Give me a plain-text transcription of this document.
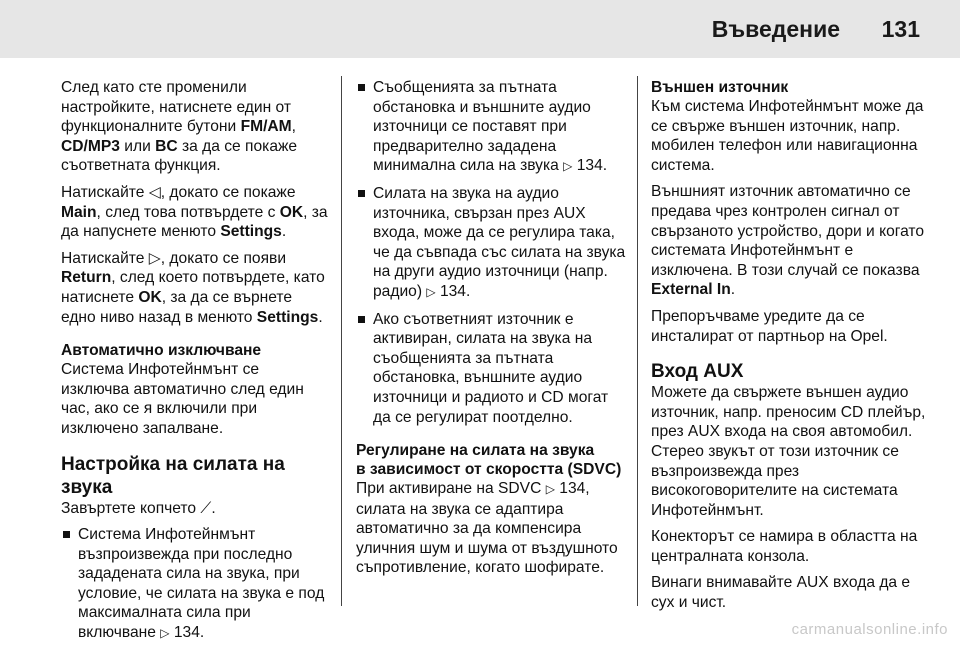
Въведение 131

След като сте променили настройките, натиснете един от функционалните бутони FM/AM, CD/MP3 или BC за да се покаже съответната функция.

Натискайте ◁, докато се покаже Main, след това потвърдете с OK, за да напуснете менюто Settings.

Натискайте ▷, докато се появи Return, след което потвърдете, като натиснете OK, за да се върнете едно ниво назад в менюто Settings.

Автоматично изключване

Система Инфотейнмънт се изключва автоматично след един час, ако се я включили при изключено запалване.

Настройка на силата на звука

Завъртете копчето ⟋.

Система Инфотейнмънт възпроизвежда при последно зададената сила на звука, при условие, че силата на звука е под максималната сила при включване ▷ 134.
Съобщенията за пътната обстановка и външните аудио източници се поставят при предварително зададена минимална сила на звука ▷ 134.
Силата на звука на аудио източника, свързан през AUX входа, може да се регулира така, че да съвпада със силата на звука на други аудио източници (напр. радио) ▷ 134.
Ако съответният източник е активиран, силата на звука на съобщенията за пътната обстановка, външните аудио източници и радиото и CD могат да се регулират поотделно.
Регулиране на силата на звука
в зависимост от скоростта (SDVC)

При активиране на SDVC ▷ 134, силата на звука се адаптира автоматично за да компенсира уличния шум и шума от въздушното съпротивление, когато шофирате.

Външен източник

Към система Инфотейнмънт може да се свърже външен източник, напр. мобилен телефон или навигационна система.

Външният източник автоматично се предава чрез контролен сигнал от свързаното устройство, дори и когато системата Инфотейнмънт е изключена. В този случай се показва External In.

Препоръчваме уредите да се инсталират от партньор на Opel.

Вход AUX

Можете да свържете външен аудио източник, напр. преносим CD плейър, през AUX входа на своя автомобил. Стерео звукът от този източник се възпроизвежда през високоговорителите на системата Инфотейнмънт.

Конекторът се намира в областта на централната конзола.

Винаги внимавайте AUX входа да е сух и чист.

carmanualsonline.info
